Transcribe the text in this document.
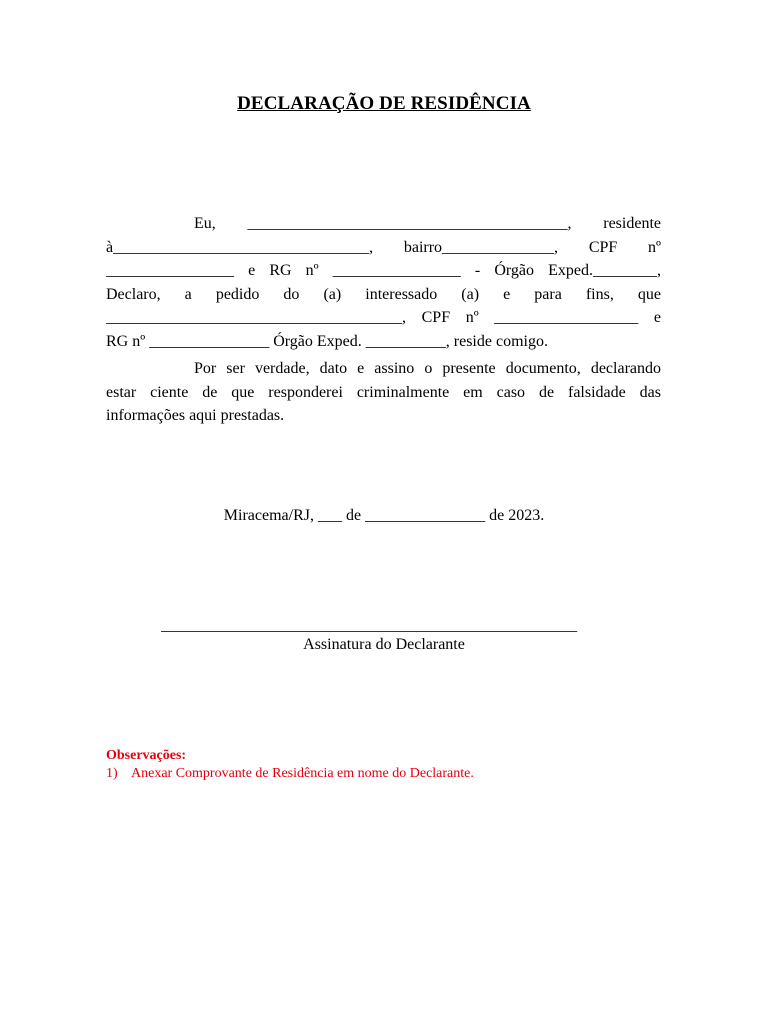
DECLARAÇÃO DE RESIDÊNCIA
Eu, ________________________________________, residente
à________________________________, bairro______________, CPF nº
________________ e RG nº ________________ - Órgão Exped.________,
Declaro, a pedido do (a) interessado (a) e para fins, que
_____________________________________, CPF nº __________________ e
RG nº _______________ Órgão Exped. __________, reside comigo.
Por ser verdade, dato e assino o presente documento, declarando
estar ciente de que responderei criminalmente em caso de falsidade das
informações aqui prestadas.
Miracema/RJ, ___ de _______________ de 2023.
____________________________________________________
Assinatura do Declarante
Observações:
1) Anexar Comprovante de Residência em nome do Declarante.
